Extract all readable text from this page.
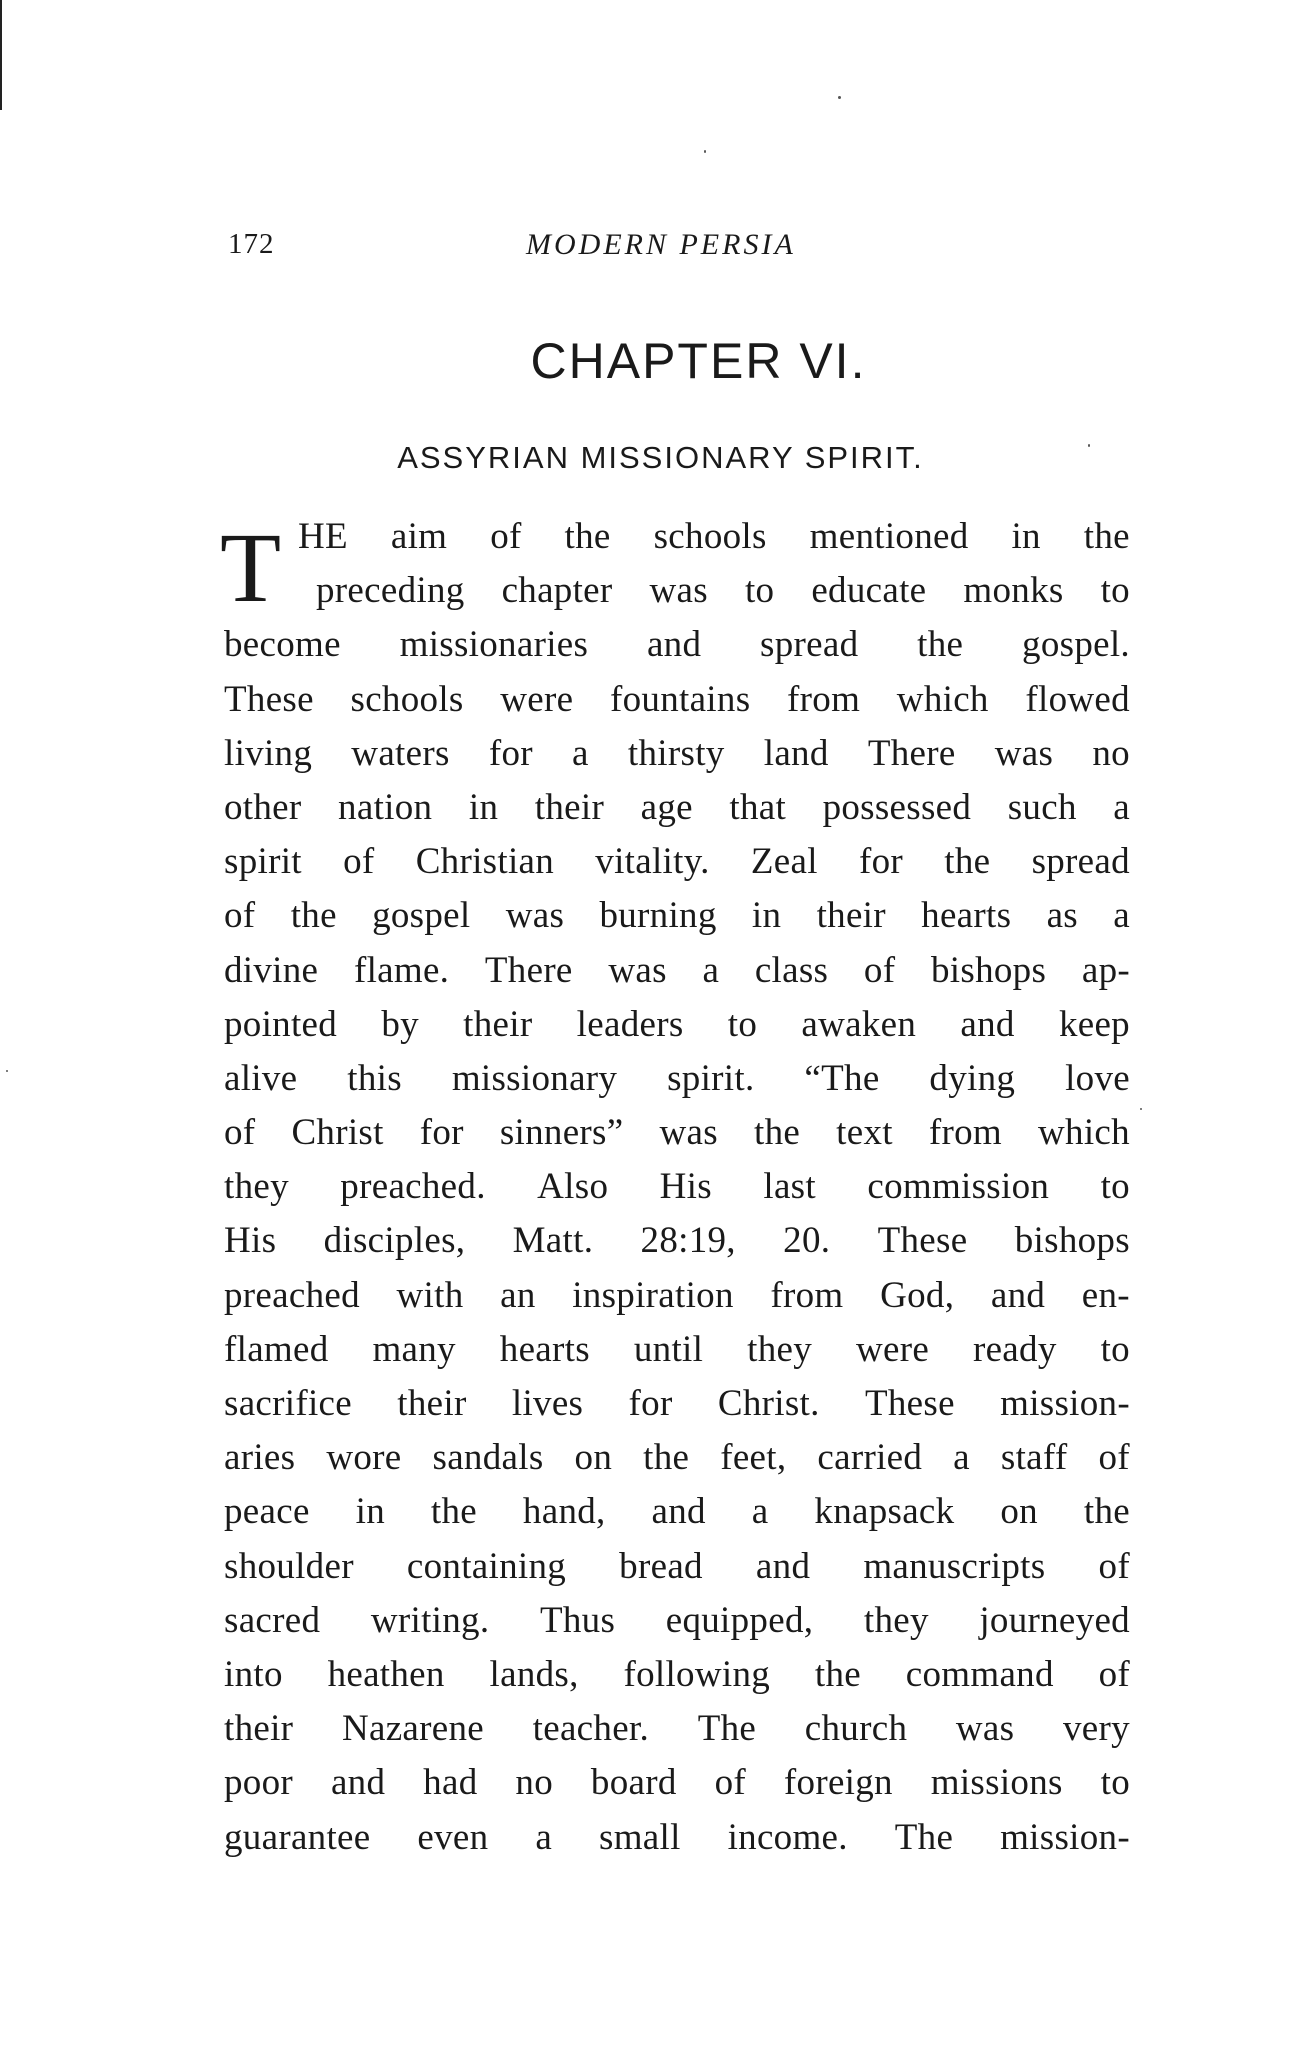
172	MODERN PERSIA
CHAPTER VI.
ASSYRIAN MISSIONARY SPIRIT.
T HE aim of the schools mentioned in the
preceding chapter was to educate monks to
become missionaries and spread the gospel.
These schools were fountains from which flowed
living waters for a thirsty land There was no
other nation in their age that possessed such a
spirit of Christian vitality. Zeal for the spread
of the gospel was burning in their hearts as a
divine flame. There was a class of bishops ap-
pointed by their leaders to awaken and keep
alive this missionary spirit. “The dying love
of Christ for sinners” was the text from which
they preached. Also His last commission to
His disciples, Matt. 28:19, 20. These bishops
preached with an inspiration from God, and en-
flamed many hearts until they were ready to
sacrifice their lives for Christ. These mission-
aries wore sandals on the feet, carried a staff of
peace in the hand, and a knapsack on the
shoulder containing bread and manuscripts of
sacred writing. Thus equipped, they journeyed
into heathen lands, following the command of
their Nazarene teacher. The church was very
poor and had no board of foreign missions to
guarantee even a small income. The mission-
